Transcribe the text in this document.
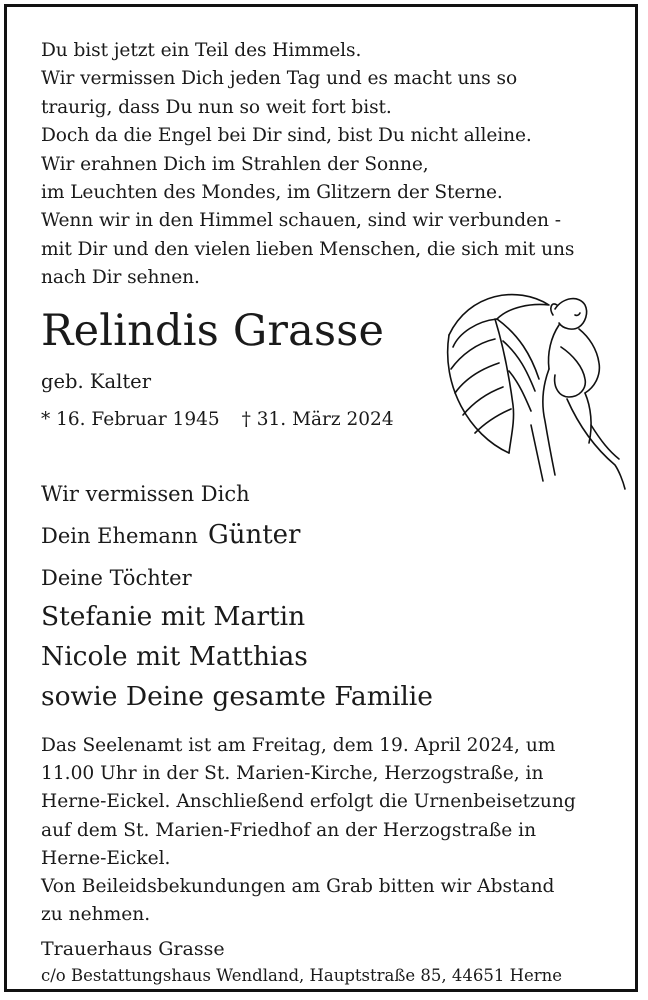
Du bist jetzt ein Teil des Himmels.
Wir vermissen Dich jeden Tag und es macht uns so
traurig, dass Du nun so weit fort bist.
Doch da die Engel bei Dir sind, bist Du nicht alleine.
Wir erahnen Dich im Strahlen der Sonne,
im Leuchten des Mondes, im Glitzern der Sterne.
Wenn wir in den Himmel schauen, sind wir verbunden -
mit Dir und den vielen lieben Menschen, die sich mit uns
nach Dir sehnen.
Relindis Grasse
geb. Kalter
* 16. Februar 1945 † 31. März 2024
Wir vermissen Dich
Dein Ehemann Günter
Deine Töchter
Stefanie mit Martin
Nicole mit Matthias
sowie Deine gesamte Familie
Das Seelenamt ist am Freitag, dem 19. April 2024, um
11.00 Uhr in der St. Marien-Kirche, Herzogstraße, in
Herne-Eickel. Anschließend erfolgt die Urnenbeisetzung
auf dem St. Marien-Friedhof an der Herzogstraße in
Herne-Eickel.
Von Beileidsbekundungen am Grab bitten wir Abstand
zu nehmen.
Trauerhaus Grasse
c/o Bestattungshaus Wendland, Hauptstraße 85, 44651 Herne
